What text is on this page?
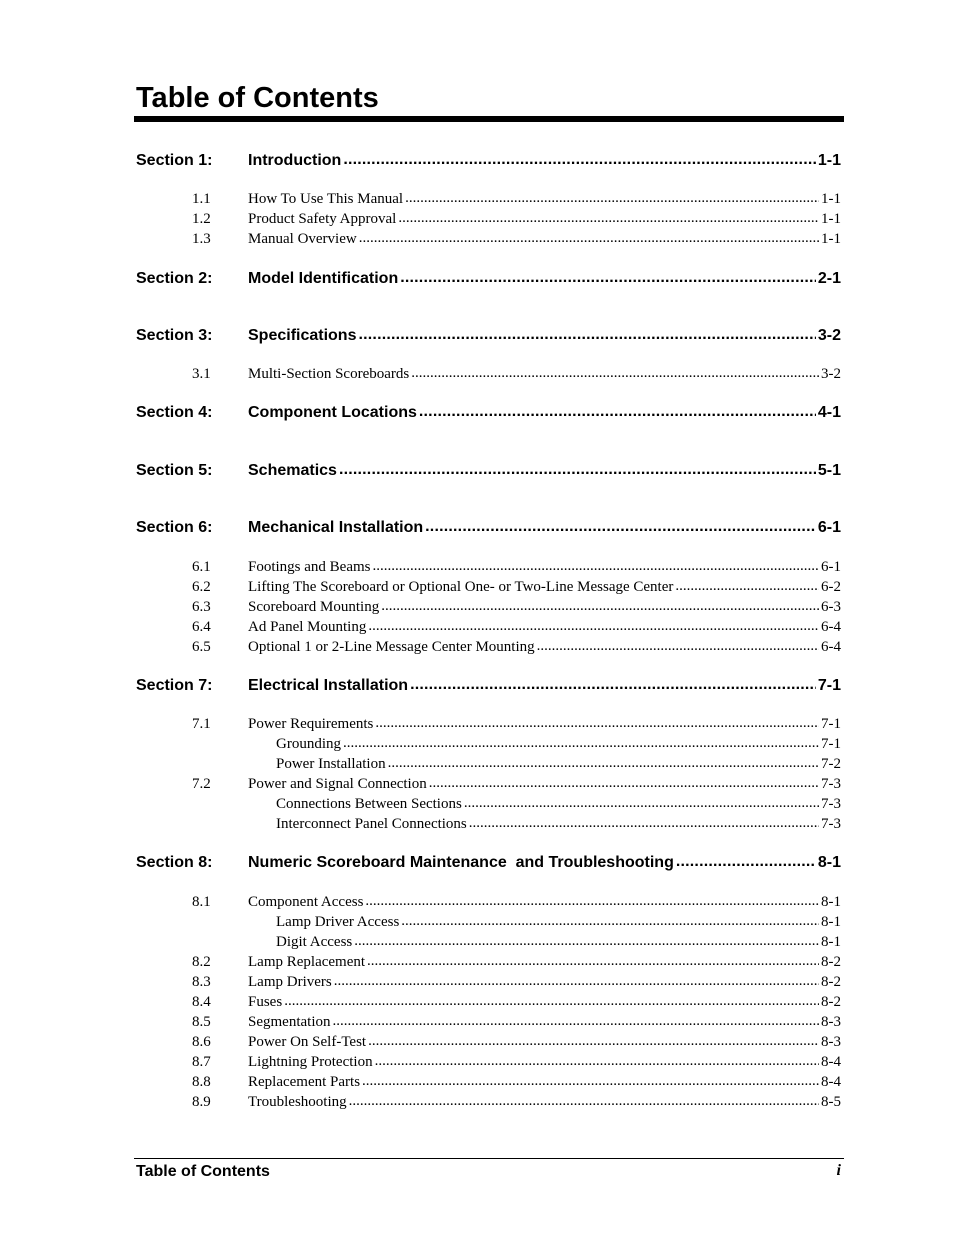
Table of Contents
Section 1: Introduction .....	1-1
1.1 How To Use This Manual .....	1-1
1.2 Product Safety Approval .....	1-1
1.3 Manual Overview .....	1-1
Section 2: Model Identification .....	2-1
Section 3: Specifications .....	3-2
3.1 Multi-Section Scoreboards .....	3-2
Section 4: Component Locations .....	4-1
Section 5: Schematics .....	5-1
Section 6: Mechanical Installation .....	6-1
6.1 Footings and Beams .....	6-1
6.2 Lifting The Scoreboard or Optional One- or Two-Line Message Center .....	6-2
6.3 Scoreboard Mounting .....	6-3
6.4 Ad Panel Mounting .....	6-4
6.5 Optional 1 or 2-Line Message Center Mounting .....	6-4
Section 7: Electrical Installation .....	7-1
7.1 Power Requirements .....	7-1
Grounding .....	7-1
Power Installation .....	7-2
7.2 Power and Signal Connection .....	7-3
Connections Between Sections .....	7-3
Interconnect Panel Connections .....	7-3
Section 8: Numeric Scoreboard Maintenance  and Troubleshooting .....	8-1
8.1 Component Access .....	8-1
Lamp Driver Access .....	8-1
Digit Access .....	8-1
8.2 Lamp Replacement .....	8-2
8.3 Lamp Drivers .....	8-2
8.4 Fuses .....	8-2
8.5 Segmentation .....	8-3
8.6 Power On Self-Test .....	8-3
8.7 Lightning Protection .....	8-4
8.8 Replacement Parts .....	8-4
8.9 Troubleshooting .....	8-5
Table of Contents	i
